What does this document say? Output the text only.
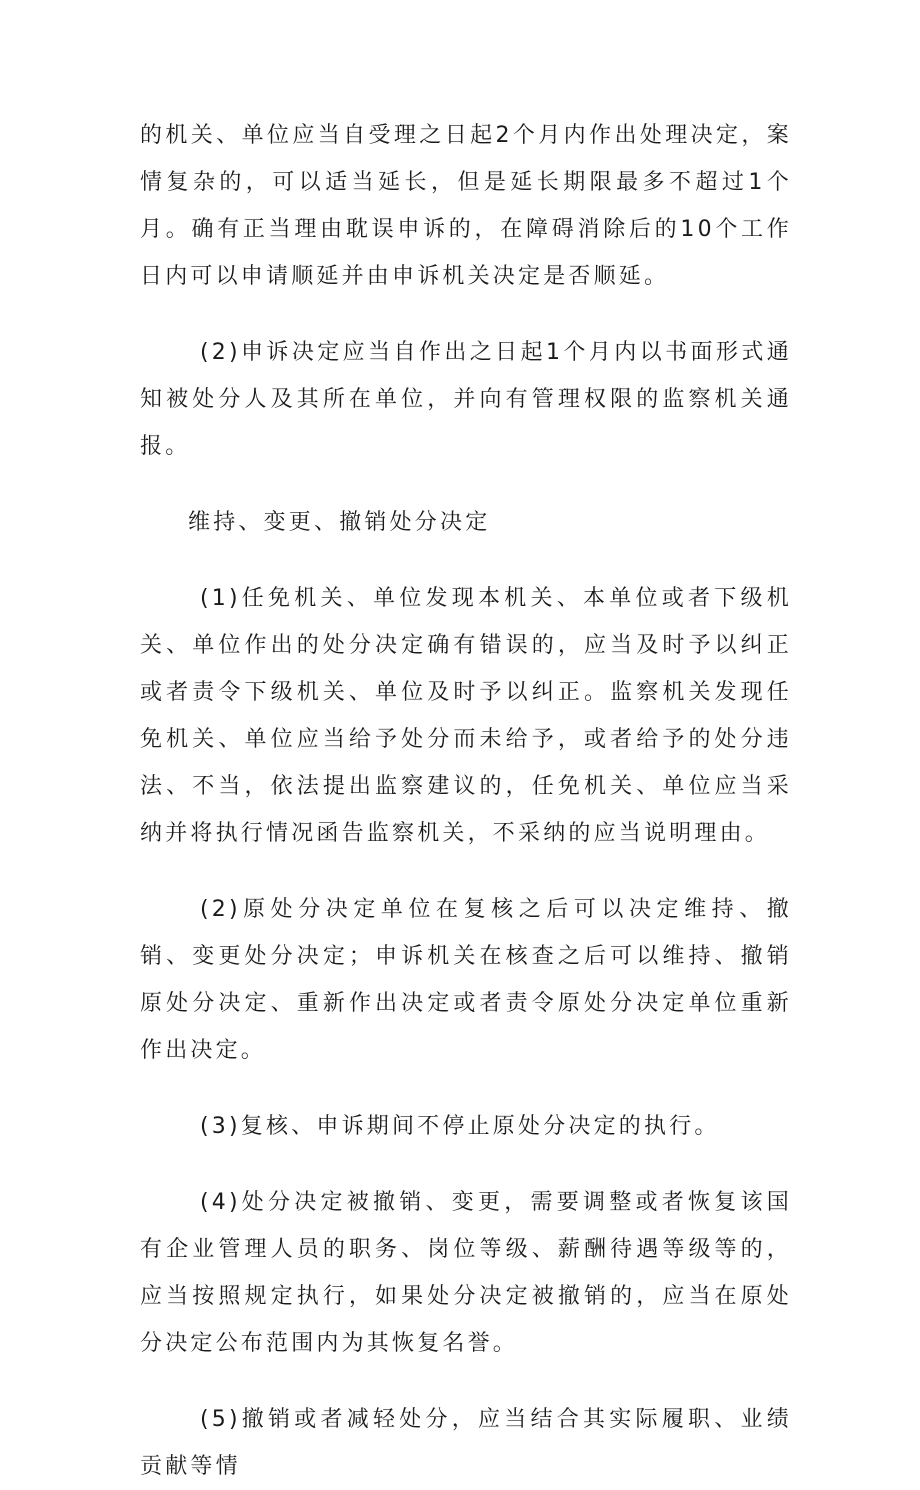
的机关、单位应当自受理之日起2个月内作出处理决定，案情复杂的，可以适当延长，但是延长期限最多不超过1个月。确有正当理由耽误申诉的，在障碍消除后的10个工作日内可以申请顺延并由申诉机关决定是否顺延。

(2)申诉决定应当自作出之日起1个月内以书面形式通知被处分人及其所在单位，并向有管理权限的监察机关通报。

维持、变更、撤销处分决定

(1)任免机关、单位发现本机关、本单位或者下级机关、单位作出的处分决定确有错误的，应当及时予以纠正或者责令下级机关、单位及时予以纠正。监察机关发现任免机关、单位应当给予处分而未给予，或者给予的处分违法、不当，依法提出监察建议的，任免机关、单位应当采纳并将执行情况函告监察机关，不采纳的应当说明理由。

(2)原处分决定单位在复核之后可以决定维持、撤销、变更处分决定；申诉机关在核查之后可以维持、撤销原处分决定、重新作出决定或者责令原处分决定单位重新作出决定。

(3)复核、申诉期间不停止原处分决定的执行。

(4)处分决定被撤销、变更，需要调整或者恢复该国有企业管理人员的职务、岗位等级、薪酬待遇等级等的，应当按照规定执行，如果处分决定被撤销的，应当在原处分决定公布范围内为其恢复名誉。

(5)撤销或者减轻处分，应当结合其实际履职、业绩贡献等情
